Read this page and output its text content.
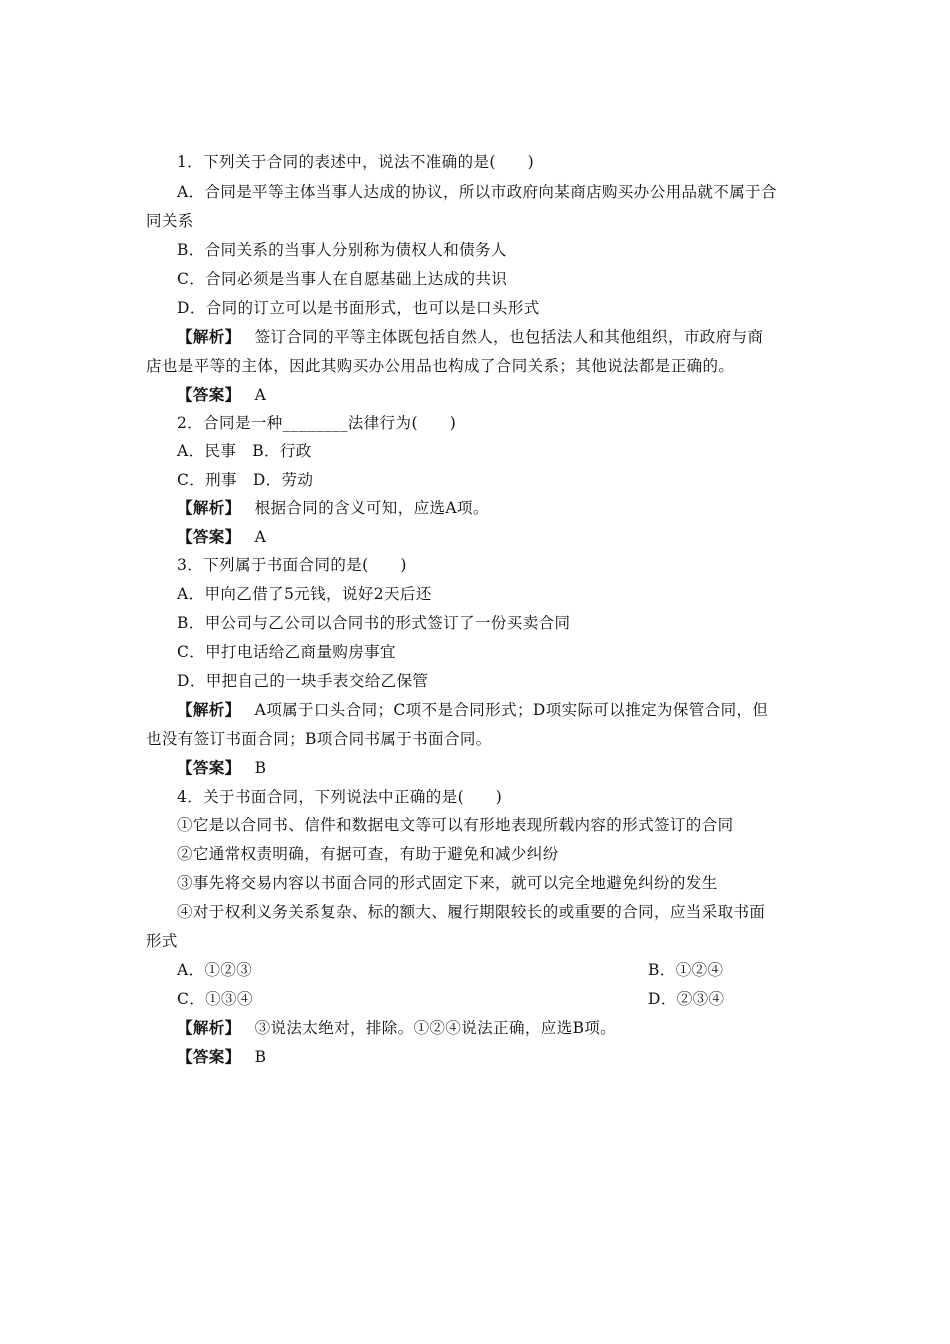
1．下列关于合同的表述中，说法不准确的是(　　)
A．合同是平等主体当事人达成的协议，所以市政府向某商店购买办公用品就不属于合
同关系
B．合同关系的当事人分别称为债权人和债务人
C．合同必须是当事人在自愿基础上达成的共识
D．合同的订立可以是书面形式，也可以是口头形式
【解析】 签订合同的平等主体既包括自然人，也包括法人和其他组织，市政府与商
店也是平等的主体，因此其购买办公用品也构成了合同关系；其他说法都是正确的。
【答案】 A
2．合同是一种________法律行为(　　)
A．民事　B．行政
C．刑事　D．劳动
【解析】 根据合同的含义可知，应选A项。
【答案】 A
3．下列属于书面合同的是(　　)
A．甲向乙借了5元钱，说好2天后还
B．甲公司与乙公司以合同书的形式签订了一份买卖合同
C．甲打电话给乙商量购房事宜
D．甲把自己的一块手表交给乙保管
【解析】 A项属于口头合同；C项不是合同形式；D项实际可以推定为保管合同，但
也没有签订书面合同；B项合同书属于书面合同。
【答案】 B
4．关于书面合同，下列说法中正确的是(　　)
①它是以合同书、信件和数据电文等可以有形地表现所载内容的形式签订的合同
②它通常权责明确，有据可查，有助于避免和减少纠纷
③事先将交易内容以书面合同的形式固定下来，就可以完全地避免纠纷的发生
④对于权利义务关系复杂、标的额大、履行期限较长的或重要的合同，应当采取书面
形式
A．①②③	B．①②④
C．①③④	D．②③④
【解析】 ③说法太绝对，排除。①②④说法正确，应选B项。
【答案】 B
